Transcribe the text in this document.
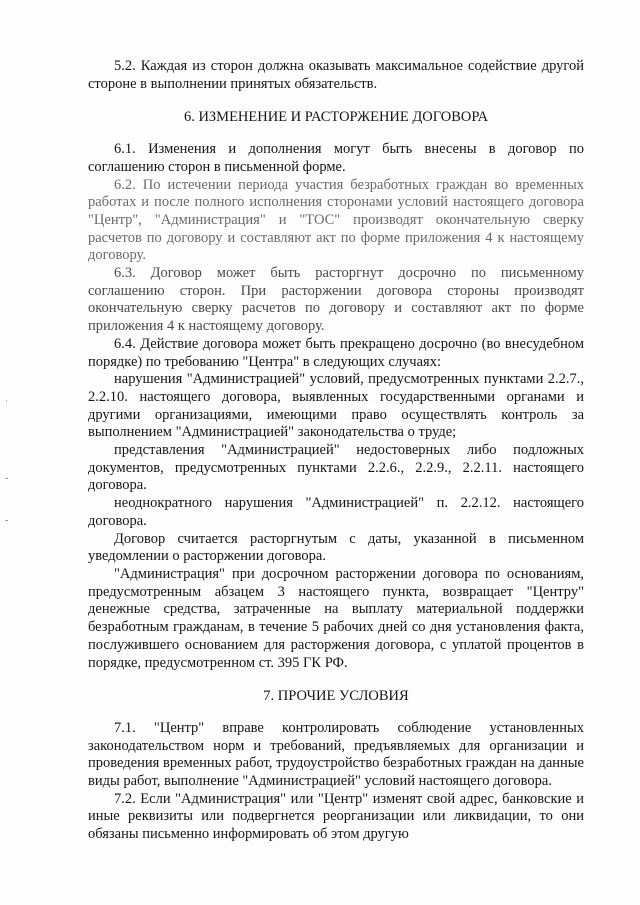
5.2. Каждая из сторон должна оказывать максимальное содействие другой стороне в выполнении принятых обязательств.

6. ИЗМЕНЕНИЕ И РАСТОРЖЕНИЕ ДОГОВОРА

6.1. Изменения и дополнения могут быть внесены в договор по соглашению сторон в письменной форме.

6.2. По истечении периода участия безработных граждан во временных работах и после полного исполнения сторонами условий настоящего договора "Центр", "Администрация" и "ТОС" производят окончательную сверку расчетов по договору и составляют акт по форме приложения 4 к настоящему договору.

6.3. Договор может быть расторгнут досрочно по письменному соглашению сторон. При расторжении договора стороны производят окончательную сверку расчетов по договору и составляют акт по форме приложения 4 к настоящему договору.

6.4. Действие договора может быть прекращено досрочно (во внесудебном порядке) по требованию "Центра" в следующих случаях:

нарушения "Администрацией" условий, предусмотренных пунктами 2.2.7., 2.2.10. настоящего договора, выявленных государственными органами и другими организациями, имеющими право осуществлять контроль за выполнением "Администрацией" законодательства о труде;

представления "Администрацией" недостоверных либо подложных документов, предусмотренных пунктами 2.2.6., 2.2.9., 2.2.11. настоящего договора.

неоднократного нарушения "Администрацией" п. 2.2.12. настоящего договора.

Договор считается расторгнутым с даты, указанной в письменном уведомлении о расторжении договора.

"Администрация" при досрочном расторжении договора по основаниям, предусмотренным абзацем 3 настоящего пункта, возвращает "Центру" денежные средства, затраченные на выплату материальной поддержки безработным гражданам, в течение 5 рабочих дней со дня установления факта, послужившего основанием для расторжения договора, с уплатой процентов в порядке, предусмотренном ст. 395 ГК РФ.

7. ПРОЧИЕ УСЛОВИЯ

7.1. "Центр" вправе контролировать соблюдение установленных законодательством норм и требований, предъявляемых для организации и проведения временных работ, трудоустройство безработных граждан на данные виды работ, выполнение "Администрацией" условий настоящего договора.

7.2. Если "Администрация" или "Центр" изменят свой адрес, банковские и иные реквизиты или подвергнется реорганизации или ликвидации, то они обязаны письменно информировать об этом другую
